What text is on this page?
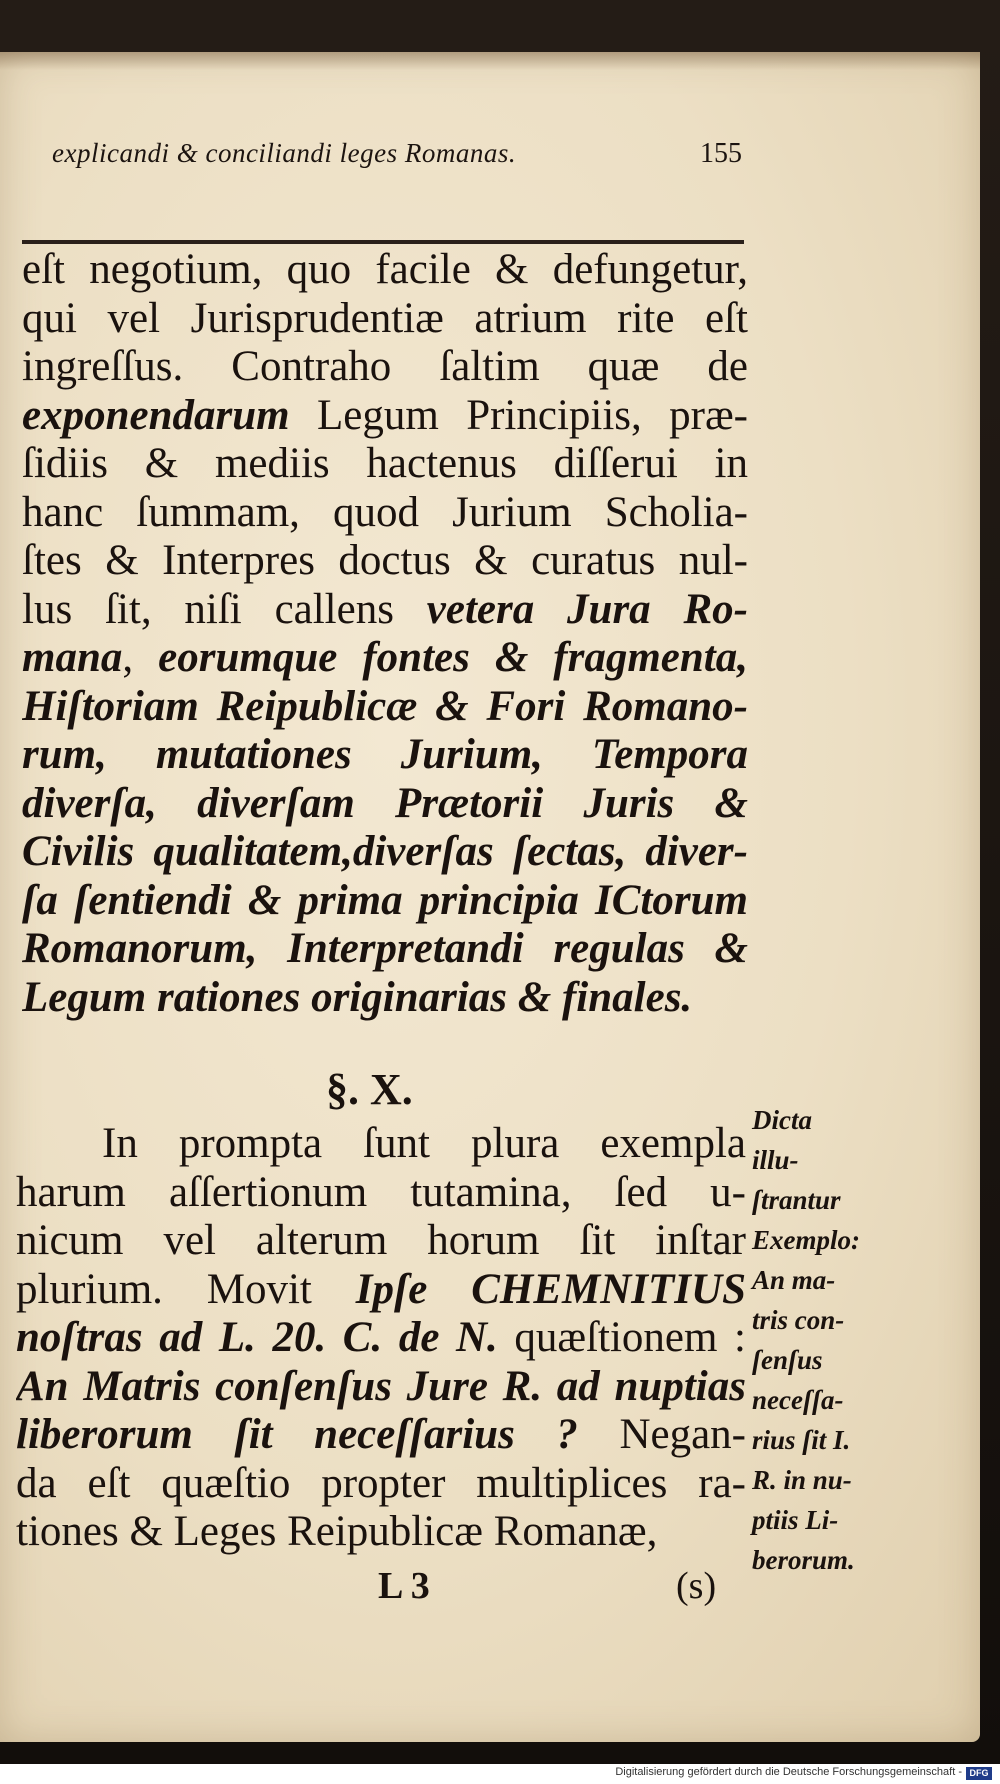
explicandi & conciliandi leges Romanas.	155
eſt negotium, quo facile & defungetur,
qui vel Jurisprudentiæ atrium rite eſt
ingreſſus. Contraho ſaltim quæ de
exponendarum Legum Principiis, præ-
ſidiis & mediis hactenus diſſerui in
hanc ſummam, quod Jurium Scholia-
ſtes & Interpres doctus & curatus nul-
lus ſit, niſi callens vetera Jura Ro-
mana, eorumque fontes & fragmenta,
Hiſtoriam Reipublicæ & Fori Romano-
rum, mutationes Jurium, Tempora
diverſa, diverſam Prætorii Juris &
Civilis qualitatem,diverſas ſectas, diver-
ſa ſentiendi & prima principia ICtorum
Romanorum, Interpretandi regulas &
Legum rationes originarias & finales.
§. X.
In prompta ſunt plura exempla
harum aſſertionum tutamina, ſed u-
nicum vel alterum horum ſit inſtar
plurium. Movit Ipſe CHEMNITIUS
noſtras ad L. 20. C. de N. quæſtionem :
An Matris conſenſus Jure R. ad nuptias
liberorum ſit neceſſarius ? Negan-
da eſt quæſtio propter multiplices ra-
tiones & Leges Reipublicæ Romanæ,
Dicta
illu-
ſtrantur
Exemplo:
An ma-
tris con-
ſenſus
neceſſa-
rius ſit I.
R. in nu-
ptiis Li-
berorum.
L 3	(s)
Digitalisierung gefördert durch die Deutsche Forschungsgemeinschaft - DFG
